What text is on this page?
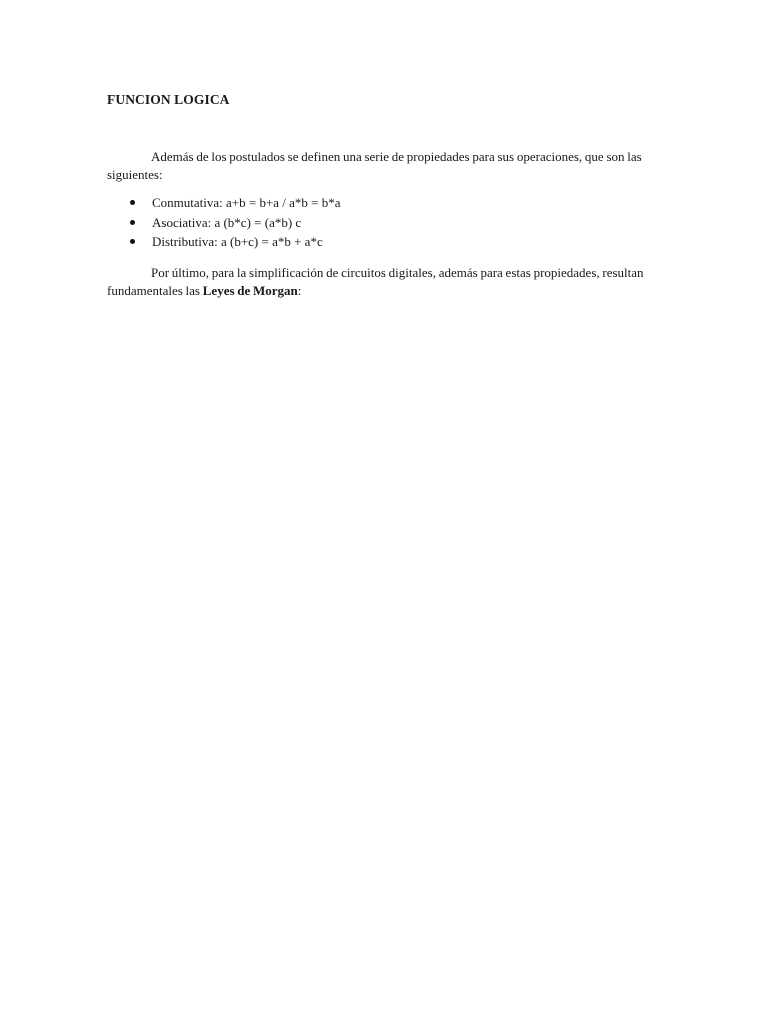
FUNCION LOGICA

Además de los postulados se definen una serie de propiedades para sus operaciones, que son las siguientes:

Conmutativa: a+b = b+a / a*b = b*a
Asociativa: a (b*c) = (a*b) c
Distributiva: a (b+c) = a*b + a*c

Por último, para la simplificación de circuitos digitales, además para estas propiedades, resultan fundamentales las Leyes de Morgan:
